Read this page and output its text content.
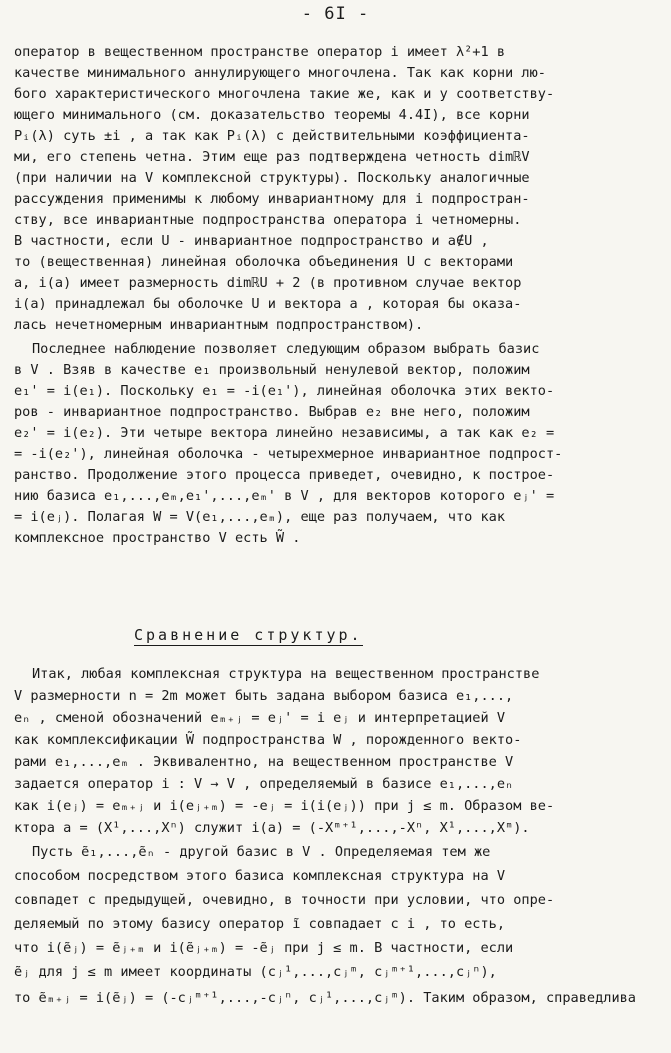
- 6I -
оператор в вещественном пространстве оператор i имеет λ²+1 в
качестве минимального аннулирующего многочлена. Так как корни лю-
бого характеристического многочлена такие же, как и у соответству-
ющего минимального (см. доказательство теоремы 4.4I), все корни
Pᵢ(λ) суть ±i , а так как Pᵢ(λ) с действительными коэффициента-
ми, его степень четна. Этим еще раз подтверждена четность dimℝV
(при наличии на V комплексной структуры). Поскольку аналогичные
рассуждения применимы к любому инвариантному для i подпростран-
ству, все инвариантные подпространства оператора i четномерны.
В частности, если U - инвариантное подпространство и a∉U ,
то (вещественная) линейная оболочка объединения U с векторами
a, i(a) имеет размерность dimℝU + 2 (в противном случае вектор
i(a) принадлежал бы оболочке U и вектора a , которая бы оказа-
лась нечетномерным инвариантным подпространством).
Последнее наблюдение позволяет следующим образом выбрать базис
в V . Взяв в качестве e₁ произвольный ненулевой вектор, положим
e₁' = i(e₁). Поскольку e₁ = -i(e₁'), линейная оболочка этих векто-
ров - инвариантное подпространство. Выбрав e₂ вне него, положим
e₂' = i(e₂). Эти четыре вектора линейно независимы, а так как e₂ =
= -i(e₂'), линейная оболочка - четырехмерное инвариантное подпрост-
ранство. Продолжение этого процесса приведет, очевидно, к построе-
нию базиса e₁,...,eₘ,e₁',...,eₘ' в V , для векторов которого eⱼ' =
= i(eⱼ). Полагая W = V(e₁,...,eₘ), еще раз получаем, что как
комплексное пространство V есть W̃ .
Сравнение структур.
Итак, любая комплексная структура на вещественном пространстве
V размерности n = 2m может быть задана выбором базиса e₁,...,
eₙ , сменой обозначений eₘ₊ⱼ = eⱼ' = i eⱼ и интерпретацией V
как комплексификации W̃ подпространства W , порожденного векто-
рами e₁,...,eₘ . Эквивалентно, на вещественном пространстве V
задается оператор i : V → V , определяемый в базисе e₁,...,eₙ
как i(eⱼ) = eₘ₊ⱼ и i(eⱼ₊ₘ) = -eⱼ = i(i(eⱼ)) при j ≤ m. Образом ве-
ктора a = (X¹,...,Xⁿ) служит i(a) = (-Xᵐ⁺¹,...,-Xⁿ, X¹,...,Xᵐ).
Пусть ẽ₁,...,ẽₙ - другой базис в V . Определяемая тем же
способом посредством этого базиса комплексная структура на V
совпадет с предыдущей, очевидно, в точности при условии, что опре-
деляемый по этому базису оператор ĩ совпадает с i , то есть,
что i(ẽⱼ) = ẽⱼ₊ₘ и i(ẽⱼ₊ₘ) = -ẽⱼ при j ≤ m. В частности, если
ẽⱼ для j ≤ m имеет координаты (cⱼ¹,...,cⱼᵐ, cⱼᵐ⁺¹,...,cⱼⁿ),
то ẽₘ₊ⱼ = i(ẽⱼ) = (-cⱼᵐ⁺¹,...,-cⱼⁿ, cⱼ¹,...,cⱼᵐ). Таким образом, справедлива
